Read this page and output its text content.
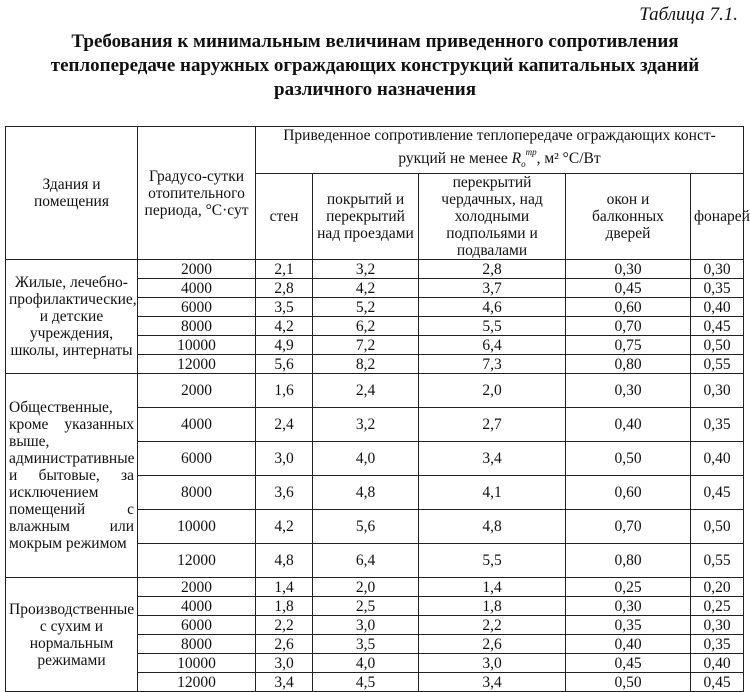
Таблица 7.1.
Требования к минимальным величинам приведенного сопротивления
теплопередаче наружных ограждающих конструкций капитальных зданий
различного назначения
Здания и помещения	Градусо-сутки отопительного периода, °С·сут	Приведенное сопротивление теплопередаче ограждающих конст-
рукций не менее $R_о^{тр}$, м² °С/Вт				
		стен	покрытий и перекрытий над проездами	перекрытий чердачных, над холодными подпольями и подвалами	окон и балконных дверей	фонарей
Жилые, лечебно-профилактические, и детские учреждения, школы, интернаты	2000	2,1	3,2	2,8	0,30	0,30
	4000	2,8	4,2	3,7	0,45	0,35
	6000	3,5	5,2	4,6	0,60	0,40
	8000	4,2	6,2	5,5	0,70	0,45
	10000	4,9	7,2	6,4	0,75	0,50
	12000	5,6	8,2	7,3	0,80	0,55
Общественные, кроме указанных выше, административные и бытовые, за исключением помещений с влажным или мокрым режимом	2000	1,6	2,4	2,0	0,30	0,30
	4000	2,4	3,2	2,7	0,40	0,35
	6000	3,0	4,0	3,4	0,50	0,40
	8000	3,6	4,8	4,1	0,60	0,45
	10000	4,2	5,6	4,8	0,70	0,50
	12000	4,8	6,4	5,5	0,80	0,55
Производственные с сухим и нормальным режимами	2000	1,4	2,0	1,4	0,25	0,20
	4000	1,8	2,5	1,8	0,30	0,25
	6000	2,2	3,0	2,2	0,35	0,30
	8000	2,6	3,5	2,6	0,40	0,35
	10000	3,0	4,0	3,0	0,45	0,40
	12000	3,4	4,5	3,4	0,50	0,45
